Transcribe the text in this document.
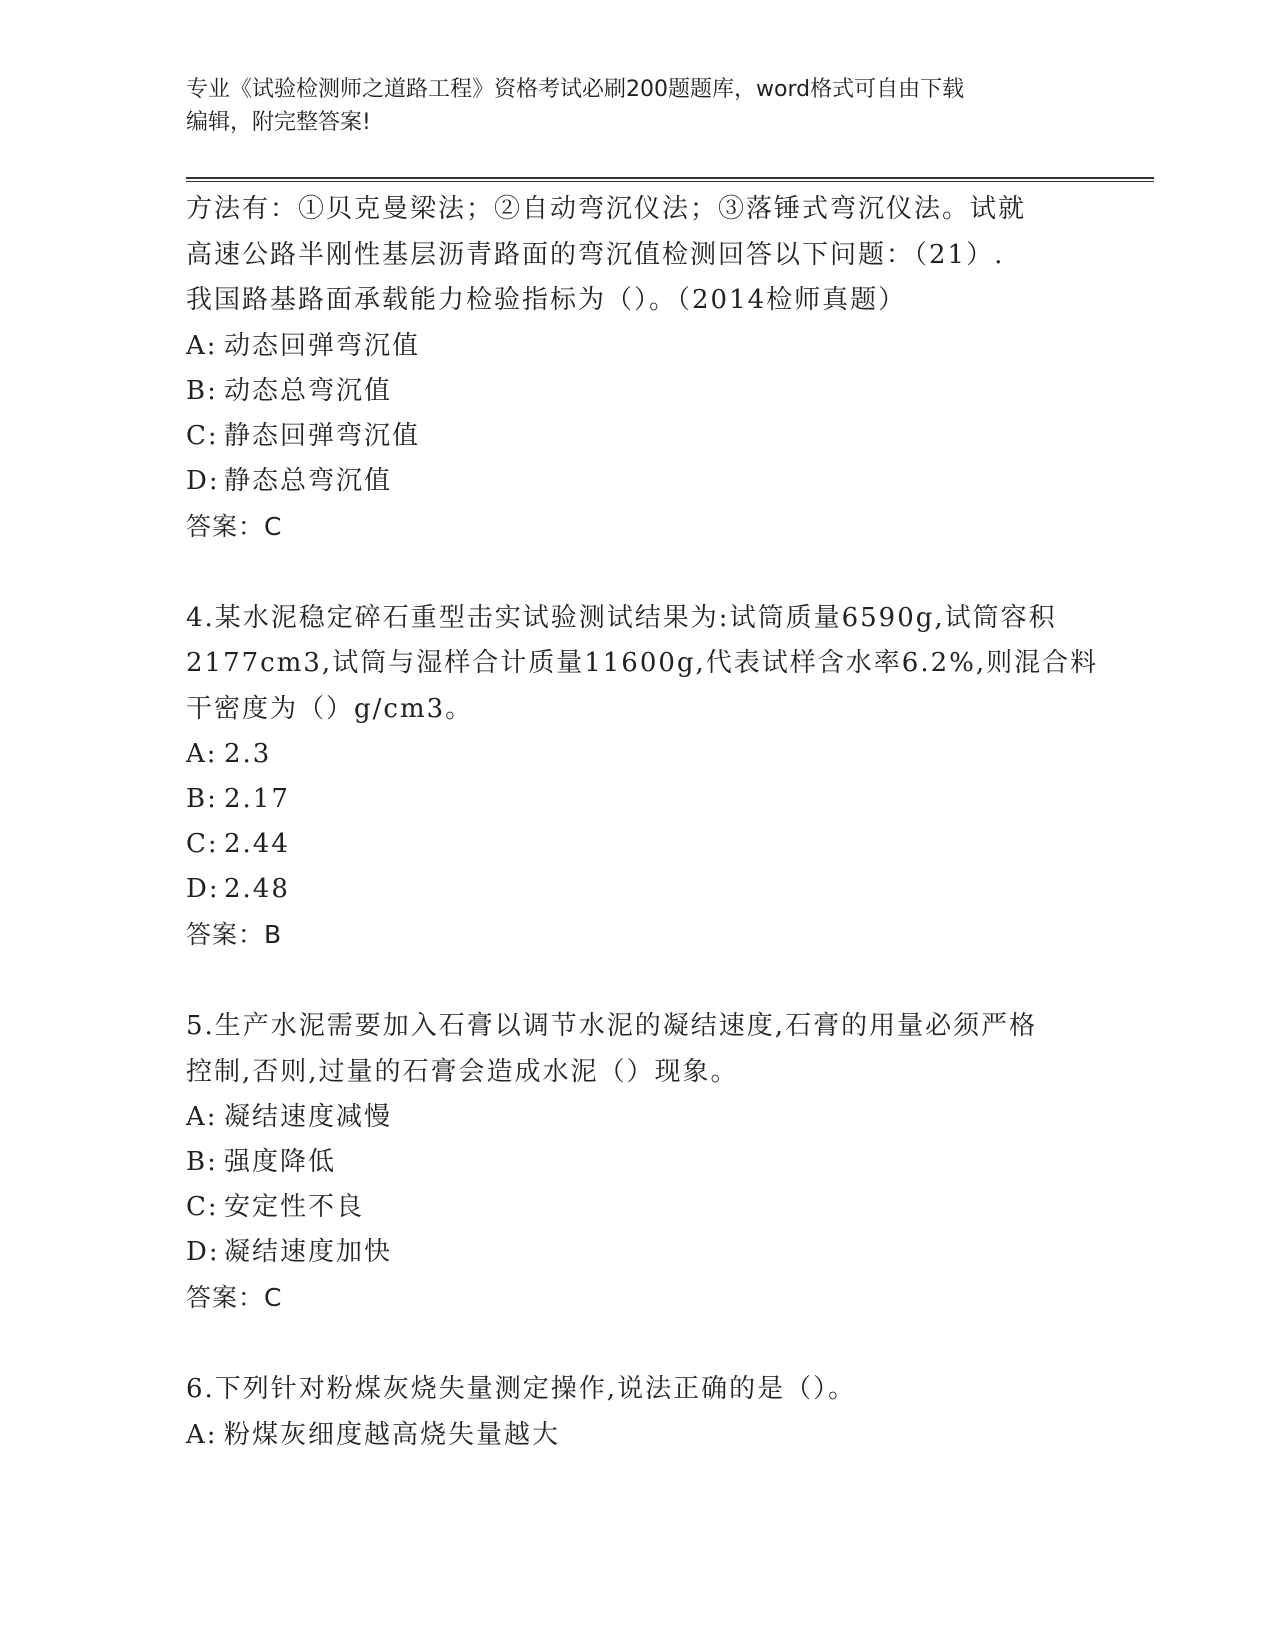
专业《试验检测师之道路工程》资格考试必刷200题题库，word格式可自由下载
编辑，附完整答案!
方法有：①贝克曼梁法；②自动弯沉仪法；③落锤式弯沉仪法。试就
高速公路半刚性基层沥青路面的弯沉值检测回答以下问题：（21）.
我国路基路面承载能力检验指标为（）。（2014检师真题）
A: 动态回弹弯沉值
B: 动态总弯沉值
C: 静态回弹弯沉值
D: 静态总弯沉值
答案：C
4.某水泥稳定碎石重型击实试验测试结果为:试筒质量6590g,试筒容积
2177cm3,试筒与湿样合计质量11600g,代表试样含水率6.2%,则混合料
干密度为（）g/cm3。
A: 2.3
B: 2.17
C: 2.44
D: 2.48
答案：B
5.生产水泥需要加入石膏以调节水泥的凝结速度,石膏的用量必须严格
控制,否则,过量的石膏会造成水泥（）现象。
A: 凝结速度减慢
B: 强度降低
C: 安定性不良
D: 凝结速度加快
答案：C
6.下列针对粉煤灰烧失量测定操作,说法正确的是（）。
A: 粉煤灰细度越高烧失量越大
